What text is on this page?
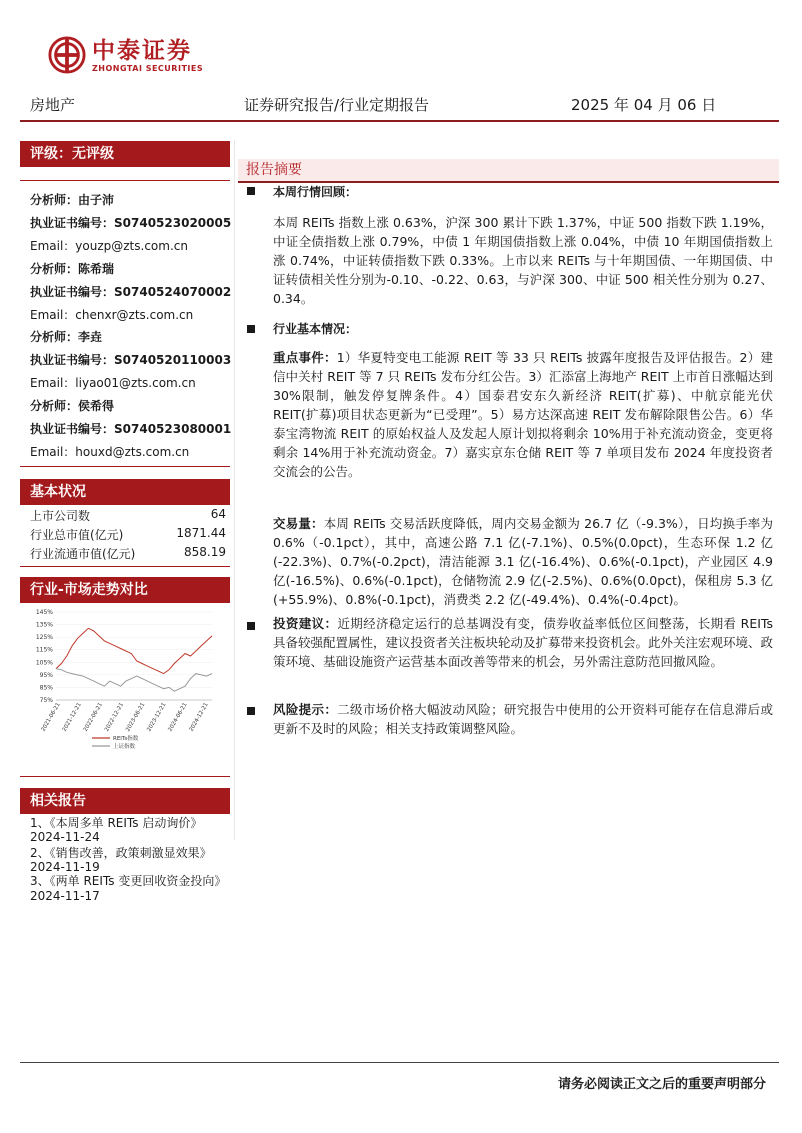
中泰证券
ZHONGTAI SECURITIES
房地产	证券研究报告/行业定期报告	2025 年 04 月 06 日
评级：无评级
分析师：由子沛
执业证书编号：S0740523020005
Email：youzp@zts.com.cn
分析师：陈希瑞
执业证书编号：S0740524070002
Email：chenxr@zts.com.cn
分析师：李垚
执业证书编号：S0740520110003
Email：liyao01@zts.com.cn
分析师：侯希得
执业证书编号：S0740523080001
Email：houxd@zts.com.cn
基本状况
上市公司数	64
行业总市值(亿元)	1871.44
行业流通市值(亿元)	858.19
行业-市场走势对比
145%
135%
125%
115%
105%
95%
85%
75%
2021-06-21 2021-12-21 2022-06-21 2022-12-21 2023-06-21 2023-12-21 2024-06-21 2024-12-21
REITs指数
上证指数
相关报告
1、《本周多单 REITs 启动询价》
2024-11-24
2、《销售改善，政策刺激显效果》
2024-11-19
3、《两单 REITs 变更回收资金投向》
2024-11-17
报告摘要
本周行情回顾：
本周 REITs 指数上涨 0.63%，沪深 300 累计下跌 1.37%，中证 500 指数下跌 1.19%，中证全债指数上涨 0.79%，中债 1 年期国债指数上涨 0.04%，中债 10 年期国债指数上涨 0.74%，中证转债指数下跌 0.33%。上市以来 REITs 与十年期国债、一年期国债、中证转债相关性分别为-0.10、-0.22、0.63，与沪深 300、中证 500 相关性分别为 0.27、0.34。
行业基本情况：
重点事件：1）华夏特变电工能源 REIT 等 33 只 REITs 披露年度报告及评估报告。2）建信中关村 REIT 等 7 只 REITs 发布分红公告。3）汇添富上海地产 REIT 上市首日涨幅达到 30%限制，触发停复牌条件。4）国泰君安东久新经济 REIT(扩募)、中航京能光伏 REIT(扩募)项目状态更新为“已受理”。5）易方达深高速 REIT 发布解除限售公告。6）华泰宝湾物流 REIT 的原始权益人及发起人原计划拟将剩余 10%用于补充流动资金，变更将剩余 14%用于补充流动资金。7）嘉实京东仓储 REIT 等 7 单项目发布 2024 年度投资者交流会的公告。
交易量：本周 REITs 交易活跃度降低，周内交易金额为 26.7 亿（-9.3%），日均换手率为 0.6%（-0.1pct），其中，高速公路 7.1 亿(-7.1%)、0.5%(0.0pct)，生态环保 1.2 亿(-22.3%)、0.7%(-0.2pct)，清洁能源 3.1 亿(-16.4%)、0.6%(-0.1pct)，产业园区 4.9 亿(-16.5%)、0.6%(-0.1pct)，仓储物流 2.9 亿(-2.5%)、0.6%(0.0pct)，保租房 5.3 亿(+55.9%)、0.8%(-0.1pct)，消费类 2.2 亿(-49.4%)、0.4%(-0.4pct)。
投资建议：近期经济稳定运行的总基调没有变，债券收益率低位区间整荡，长期看 REITs 具备较强配置属性，建议投资者关注板块轮动及扩募带来投资机会。此外关注宏观环境、政策环境、基础设施资产运营基本面改善等带来的机会，另外需注意防范回撤风险。
风险提示：二级市场价格大幅波动风险；研究报告中使用的公开资料可能存在信息滞后或更新不及时的风险；相关支持政策调整风险。
请务必阅读正文之后的重要声明部分
